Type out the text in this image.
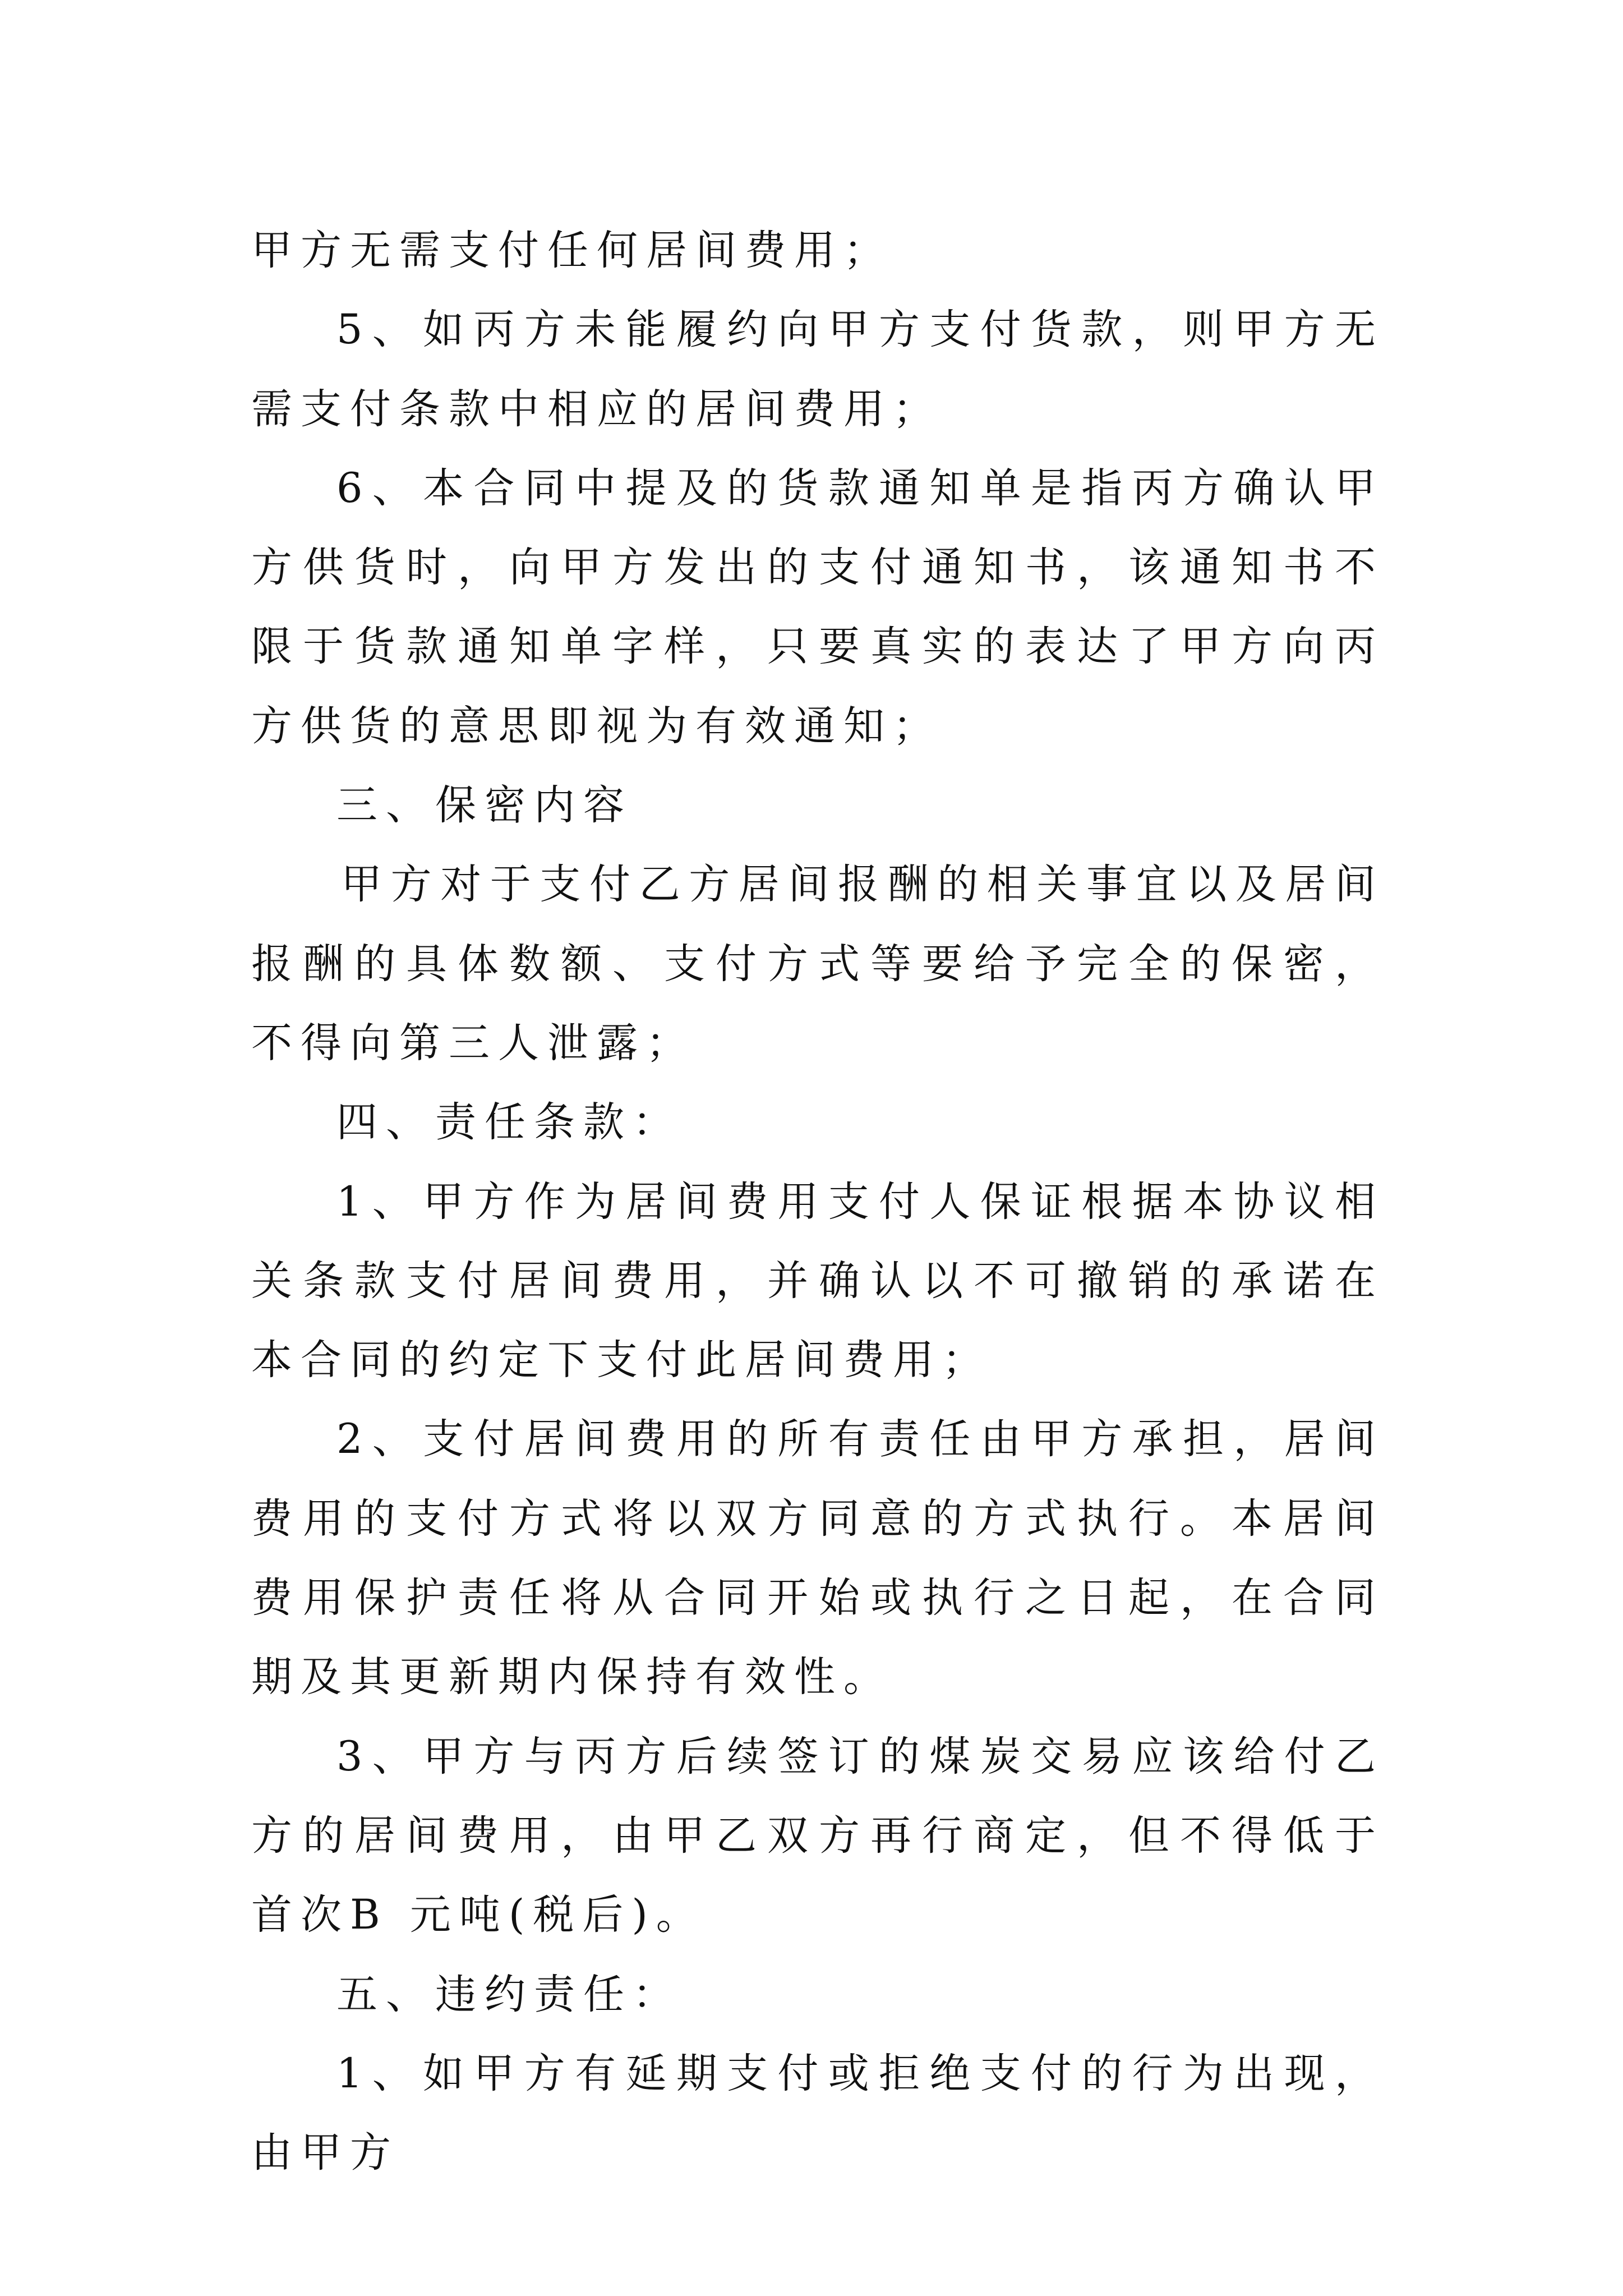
甲方无需支付任何居间费用；

5、如丙方未能履约向甲方支付货款，则甲方无需支付条款中相应的居间费用；

6、本合同中提及的货款通知单是指丙方确认甲方供货时，向甲方发出的支付通知书，该通知书不限于货款通知单字样，只要真实的表达了甲方向丙方供货的意思即视为有效通知；

三、保密内容

甲方对于支付乙方居间报酬的相关事宜以及居间报酬的具体数额、支付方式等要给予完全的保密，不得向第三人泄露；

四、责任条款：

1、甲方作为居间费用支付人保证根据本协议相关条款支付居间费用，并确认以不可撤销的承诺在本合同的约定下支付此居间费用；

2、支付居间费用的所有责任由甲方承担，居间费用的支付方式将以双方同意的方式执行。本居间费用保护责任将从合同开始或执行之日起，在合同期及其更新期内保持有效性。

3、甲方与丙方后续签订的煤炭交易应该给付乙方的居间费用，由甲乙双方再行商定，但不得低于首次B 元吨(税后)。

五、违约责任：

1、如甲方有延期支付或拒绝支付的行为出现，由甲方
